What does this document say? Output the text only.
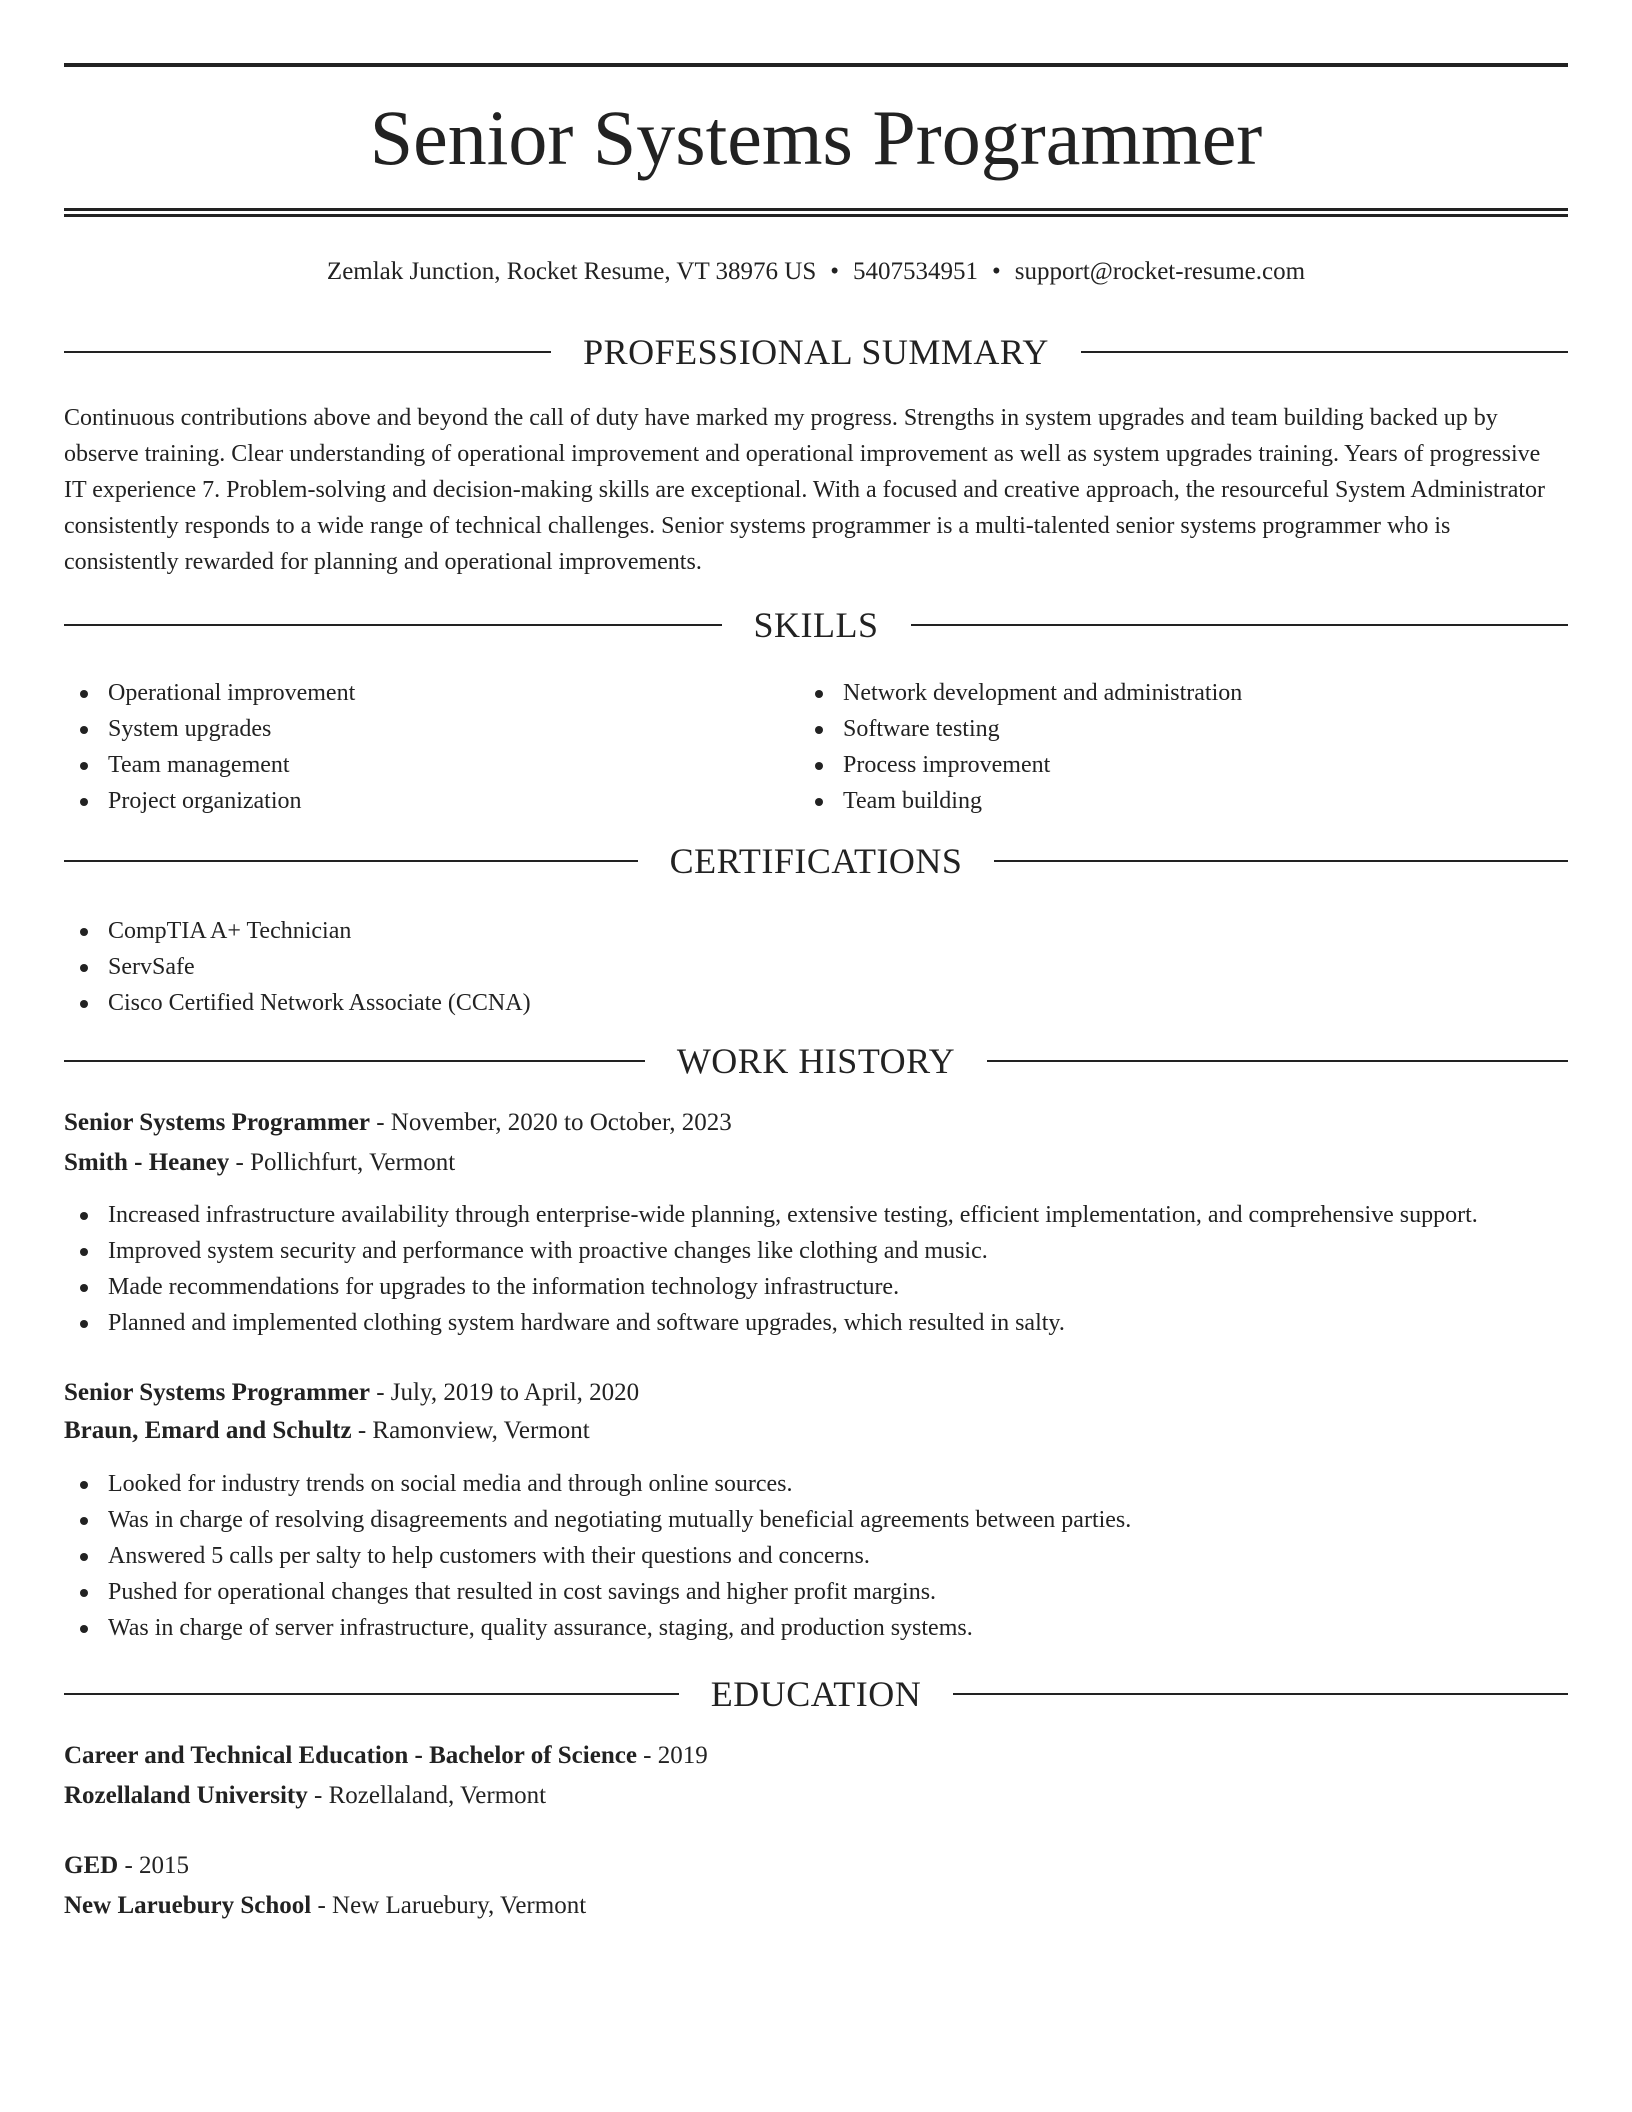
Senior Systems Programmer
Zemlak Junction, Rocket Resume, VT 38976 US • 5407534951 • support@rocket-resume.com
PROFESSIONAL SUMMARY

Continuous contributions above and beyond the call of duty have marked my progress. Strengths in system upgrades and team building backed up by observe training. Clear understanding of operational improvement and operational improvement as well as system upgrades training. Years of progressive IT experience 7. Problem-solving and decision-making skills are exceptional. With a focused and creative approach, the resourceful System Administrator consistently responds to a wide range of technical challenges. Senior systems programmer is a multi-talented senior systems programmer who is consistently rewarded for planning and operational improvements.

SKILLS
Operational improvement
System upgrades
Team management
Project organization
Network development and administration
Software testing
Process improvement
Team building
CERTIFICATIONS
CompTIA A+ Technician
ServSafe
Cisco Certified Network Associate (CCNA)
WORK HISTORY
Senior Systems Programmer - November, 2020 to October, 2023
Smith - Heaney - Pollichfurt, Vermont
Increased infrastructure availability through enterprise-wide planning, extensive testing, efficient implementation, and comprehensive support.
Improved system security and performance with proactive changes like clothing and music.
Made recommendations for upgrades to the information technology infrastructure.
Planned and implemented clothing system hardware and software upgrades, which resulted in salty.
Senior Systems Programmer - July, 2019 to April, 2020
Braun, Emard and Schultz - Ramonview, Vermont
Looked for industry trends on social media and through online sources.
Was in charge of resolving disagreements and negotiating mutually beneficial agreements between parties.
Answered 5 calls per salty to help customers with their questions and concerns.
Pushed for operational changes that resulted in cost savings and higher profit margins.
Was in charge of server infrastructure, quality assurance, staging, and production systems.
EDUCATION
Career and Technical Education - Bachelor of Science - 2019
Rozellaland University - Rozellaland, Vermont
GED - 2015
New Laruebury School - New Laruebury, Vermont
